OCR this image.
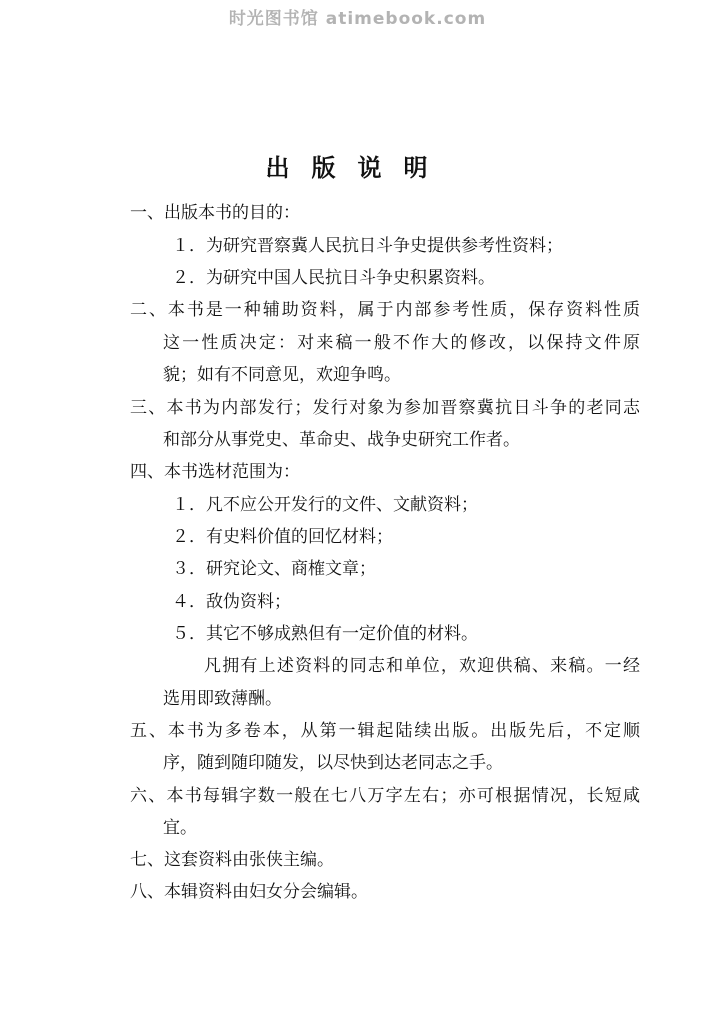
时光图书馆 atimebook.com
出版说明
一、出版本书的目的：
１．为研究晋察冀人民抗日斗争史提供参考性资料；
２．为研究中国人民抗日斗争史积累资料。
二、本书是一种辅助资料，属于内部参考性质，保存资料性质
这一性质决定：对来稿一般不作大的修改，以保持文件原
貌；如有不同意见，欢迎争鸣。
三、本书为内部发行；发行对象为参加晋察冀抗日斗争的老同志
和部分从事党史、革命史、战争史研究工作者。
四、本书选材范围为：
１．凡不应公开发行的文件、文献资料；
２．有史料价值的回忆材料；
３．研究论文、商榷文章；
４．敌伪资料；
５．其它不够成熟但有一定价值的材料。
凡拥有上述资料的同志和单位，欢迎供稿、来稿。一经
选用即致薄酬。
五、本书为多卷本，从第一辑起陆续出版。出版先后，不定顺
序，随到随印随发，以尽快到达老同志之手。
六、本书每辑字数一般在七八万字左右；亦可根据情况，长短咸
宜。
七、这套资料由张侠主编。
八、本辑资料由妇女分会编辑。
